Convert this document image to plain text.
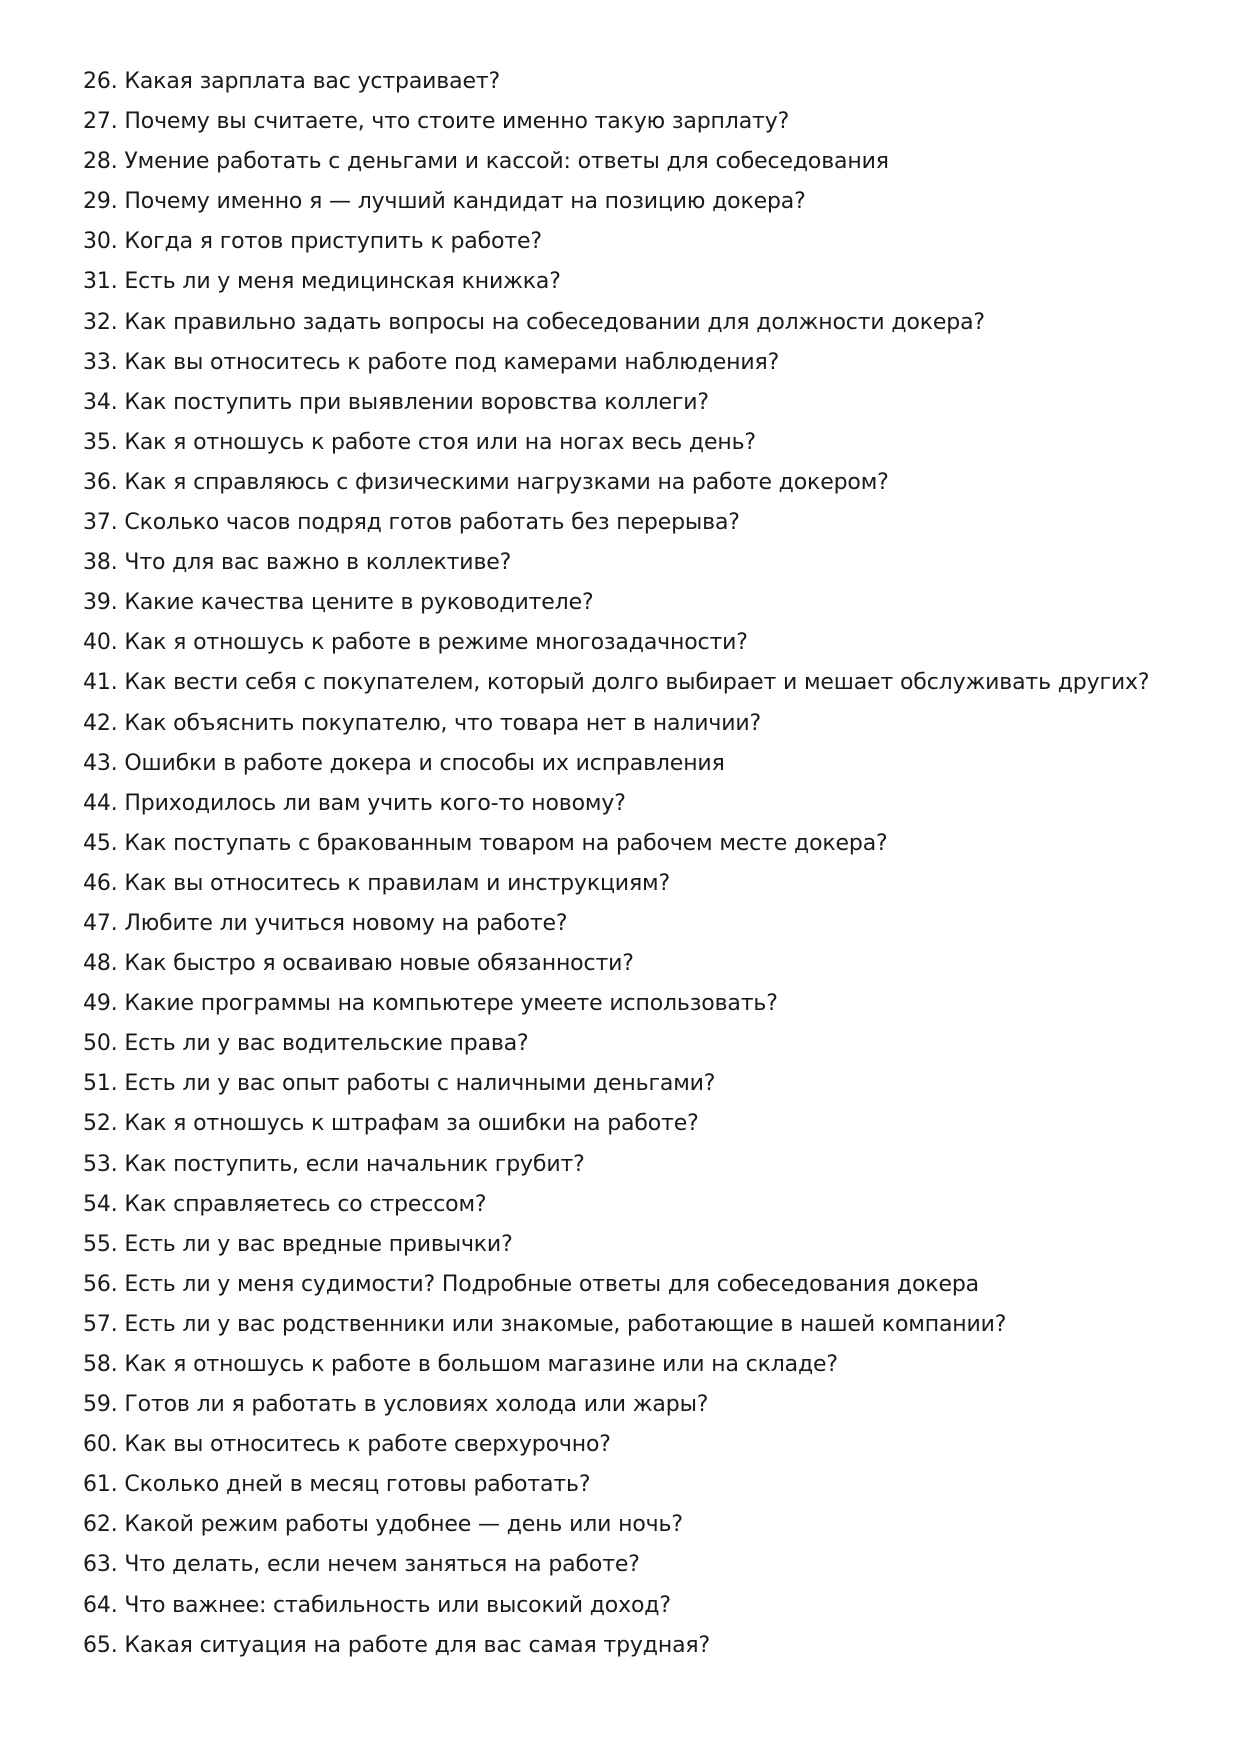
26. Какая зарплата вас устраивает?
27. Почему вы считаете, что стоите именно такую зарплату?
28. Умение работать с деньгами и кассой: ответы для собеседования
29. Почему именно я — лучший кандидат на позицию докера?
30. Когда я готов приступить к работе?
31. Есть ли у меня медицинская книжка?
32. Как правильно задать вопросы на собеседовании для должности докера?
33. Как вы относитесь к работе под камерами наблюдения?
34. Как поступить при выявлении воровства коллеги?
35. Как я отношусь к работе стоя или на ногах весь день?
36. Как я справляюсь с физическими нагрузками на работе докером?
37. Сколько часов подряд готов работать без перерыва?
38. Что для вас важно в коллективе?
39. Какие качества цените в руководителе?
40. Как я отношусь к работе в режиме многозадачности?
41. Как вести себя с покупателем, который долго выбирает и мешает обслуживать других?
42. Как объяснить покупателю, что товара нет в наличии?
43. Ошибки в работе докера и способы их исправления
44. Приходилось ли вам учить кого-то новому?
45. Как поступать с бракованным товаром на рабочем месте докера?
46. Как вы относитесь к правилам и инструкциям?
47. Любите ли учиться новому на работе?
48. Как быстро я осваиваю новые обязанности?
49. Какие программы на компьютере умеете использовать?
50. Есть ли у вас водительские права?
51. Есть ли у вас опыт работы с наличными деньгами?
52. Как я отношусь к штрафам за ошибки на работе?
53. Как поступить, если начальник грубит?
54. Как справляетесь со стрессом?
55. Есть ли у вас вредные привычки?
56. Есть ли у меня судимости? Подробные ответы для собеседования докера
57. Есть ли у вас родственники или знакомые, работающие в нашей компании?
58. Как я отношусь к работе в большом магазине или на складе?
59. Готов ли я работать в условиях холода или жары?
60. Как вы относитесь к работе сверхурочно?
61. Сколько дней в месяц готовы работать?
62. Какой режим работы удобнее — день или ночь?
63. Что делать, если нечем заняться на работе?
64. Что важнее: стабильность или высокий доход?
65. Какая ситуация на работе для вас самая трудная?
